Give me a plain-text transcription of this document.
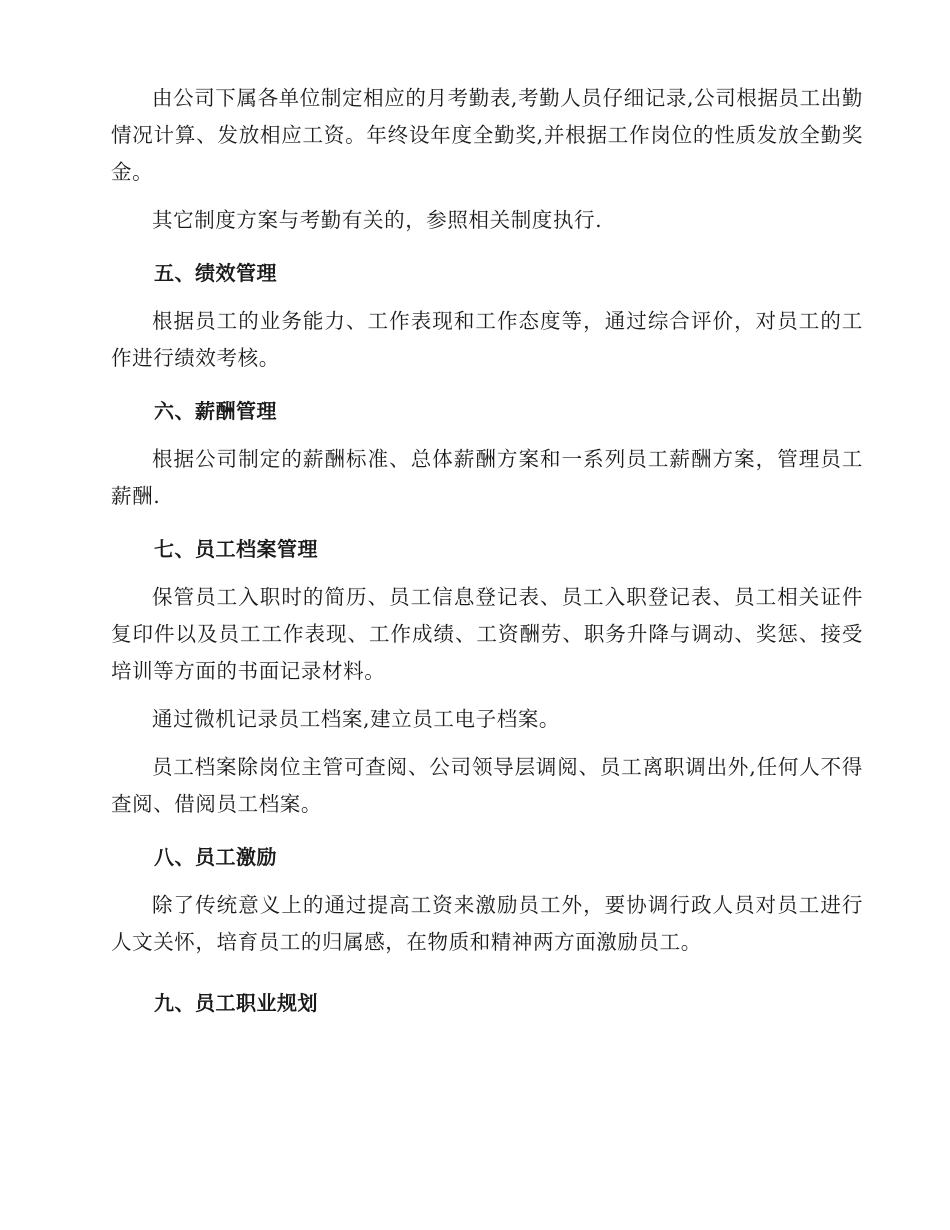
由公司下属各单位制定相应的月考勤表,考勤人员仔细记录,公司根据员工出勤情况计算、发放相应工资。年终设年度全勤奖,并根据工作岗位的性质发放全勤奖金。

其它制度方案与考勤有关的，参照相关制度执行.

五、绩效管理

根据员工的业务能力、工作表现和工作态度等，通过综合评价，对员工的工作进行绩效考核。

六、薪酬管理

根据公司制定的薪酬标准、总体薪酬方案和一系列员工薪酬方案，管理员工薪酬.

七、员工档案管理

保管员工入职时的简历、员工信息登记表、员工入职登记表、员工相关证件复印件以及员工工作表现、工作成绩、工资酬劳、职务升降与调动、奖惩、接受培训等方面的书面记录材料。

通过微机记录员工档案,建立员工电子档案。

员工档案除岗位主管可查阅、公司领导层调阅、员工离职调出外,任何人不得查阅、借阅员工档案。

八、员工激励

除了传统意义上的通过提高工资来激励员工外，要协调行政人员对员工进行人文关怀，培育员工的归属感，在物质和精神两方面激励员工。

九、员工职业规划
